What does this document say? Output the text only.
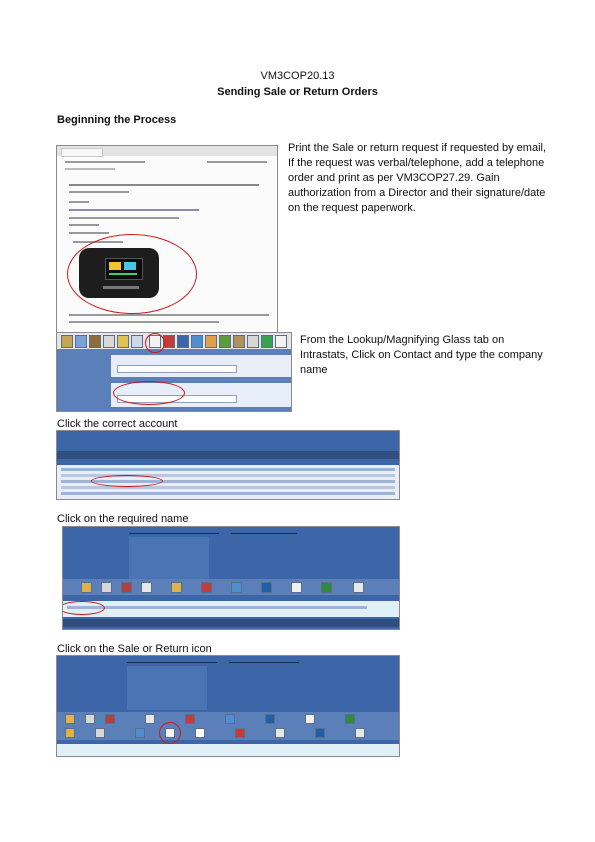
VM3COP20.13
Sending Sale or Return Orders
Beginning the Process
Print the Sale or return request if requested by email, If the request was verbal/telephone, add a telephone order and print as per VM3COP27.29. Gain authorization from a Director and their signature/date on the request paperwork.
From the Lookup/Magnifying Glass tab on Intrastats, Click on Contact and type the company name
Click the correct account
Click on the required name
Click on the Sale or Return icon
